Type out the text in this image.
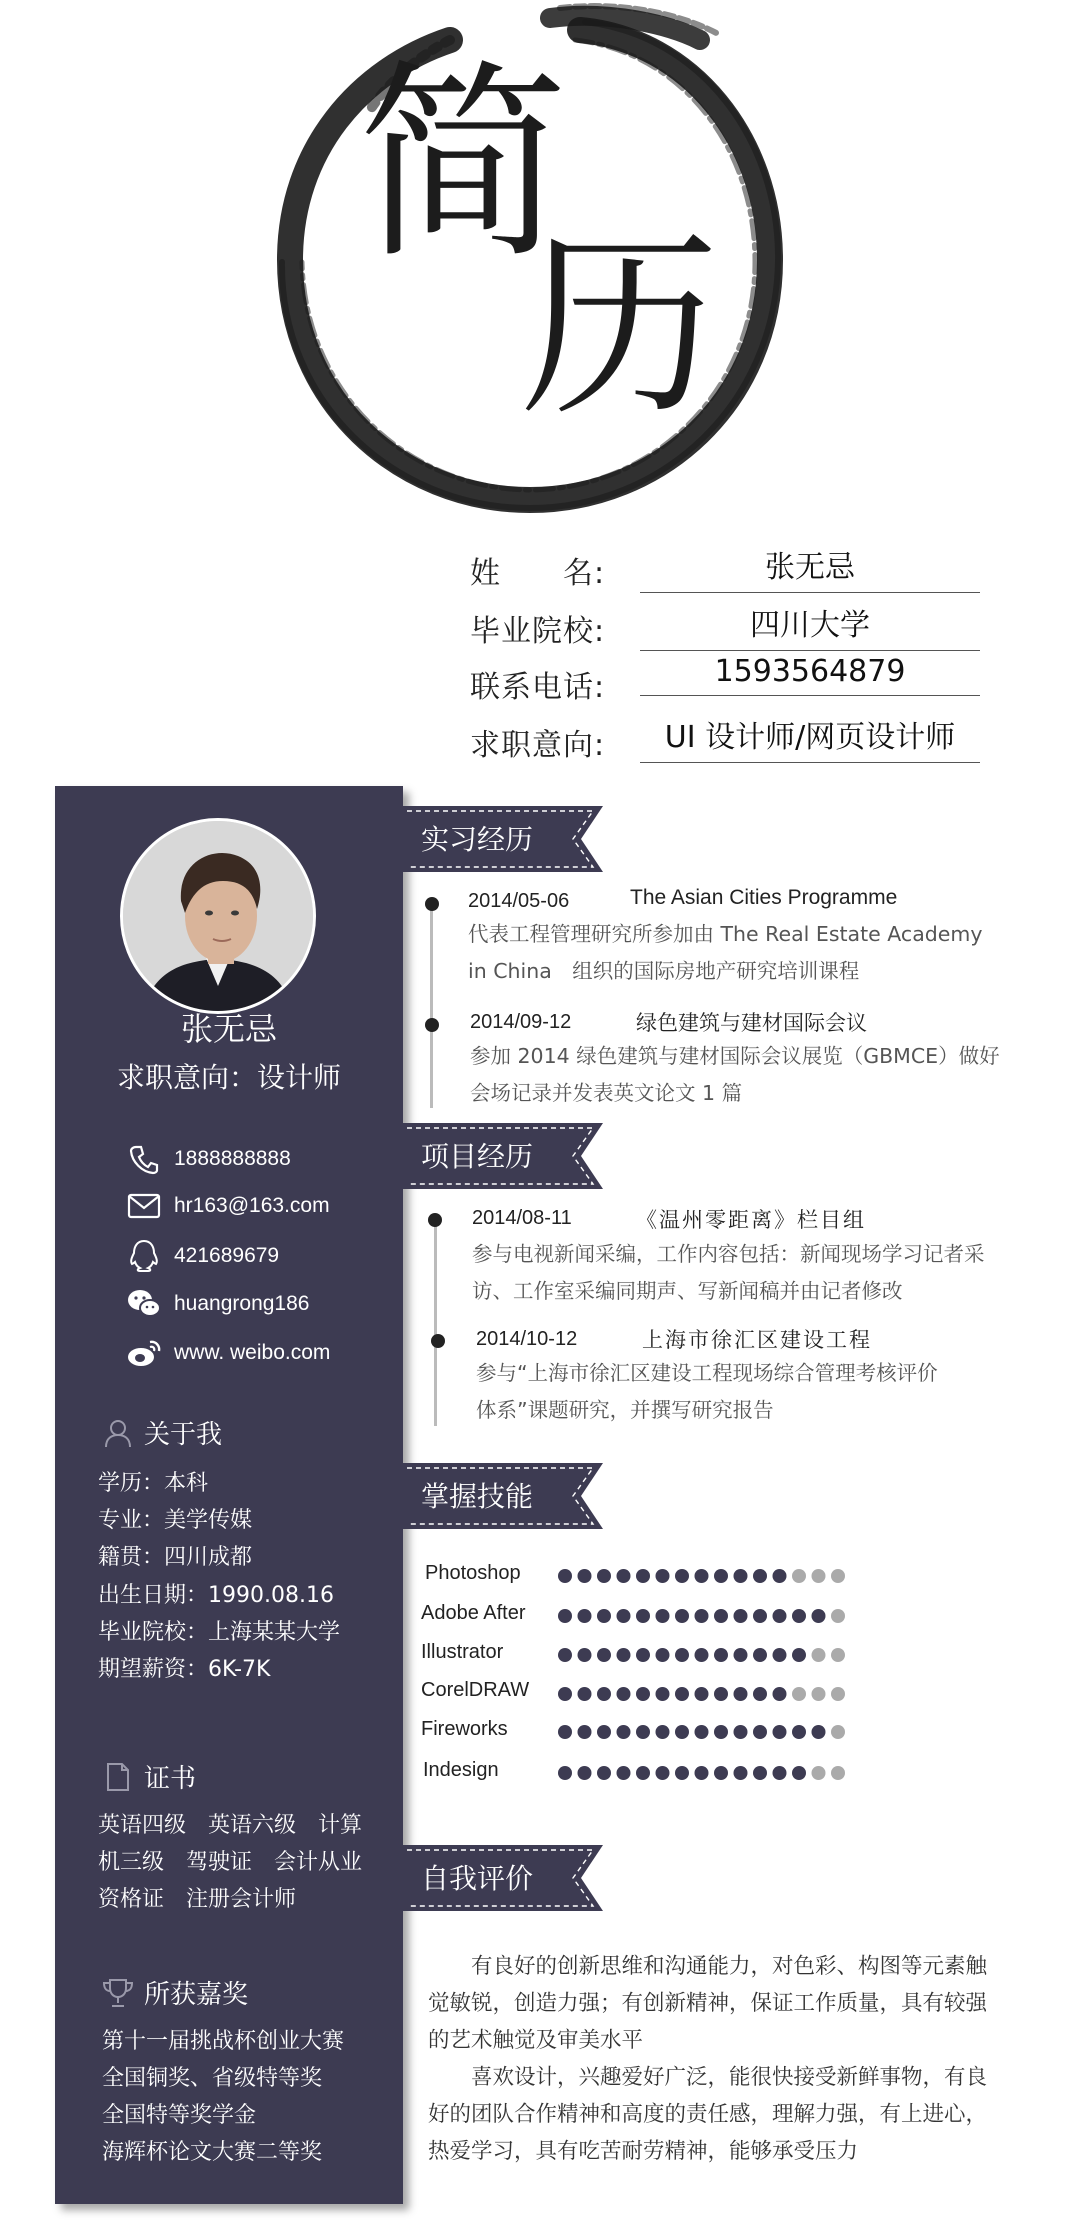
简
历
姓　　名:	张无忌
毕业院校:	四川大学
联系电话:	1593564879
求职意向:	UI 设计师/网页设计师
张无忌
求职意向：设计师
1888888888
hr163@163.com
421689679
huangrong186
www. weibo.com
关于我
学历：本科
专业：美学传媒
籍贯：四川成都
出生日期：1990.08.16
毕业院校：上海某某大学
期望薪资：6K-7K
证书
英语四级　英语六级　计算
机三级　驾驶证　会计从业
资格证　注册会计师
所获嘉奖
第十一届挑战杯创业大赛
全国铜奖、省级特等奖
全国特等奖学金
海辉杯论文大赛二等奖
实习经历
项目经历
掌握技能
自我评价
2014/05-06	The Asian Cities Programme
代表工程管理研究所参加由 The Real Estate Academy
in China　组织的国际房地产研究培训课程
2014/09-12	绿色建筑与建材国际会议
参加 2014 绿色建筑与建材国际会议展览（GBMCE）做好
会场记录并发表英文论文 1 篇
2014/08-11	《温州零距离》栏目组
参与电视新闻采编，工作内容包括：新闻现场学习记者采
访、工作室采编同期声、写新闻稿并由记者修改
2014/10-12	上海市徐汇区建设工程
参与“上海市徐汇区建设工程现场综合管理考核评价
体系”课题研究，并撰写研究报告
Photoshop
Adobe After
Illustrator
CorelDRAW
Fireworks
Indesign
　　有良好的创新思维和沟通能力，对色彩、构图等元素触
觉敏锐，创造力强；有创新精神，保证工作质量，具有较强
的艺术触觉及审美水平
　　喜欢设计，兴趣爱好广泛，能很快接受新鲜事物，有良
好的团队合作精神和高度的责任感，理解力强，有上进心，
热爱学习，具有吃苦耐劳精神，能够承受压力
